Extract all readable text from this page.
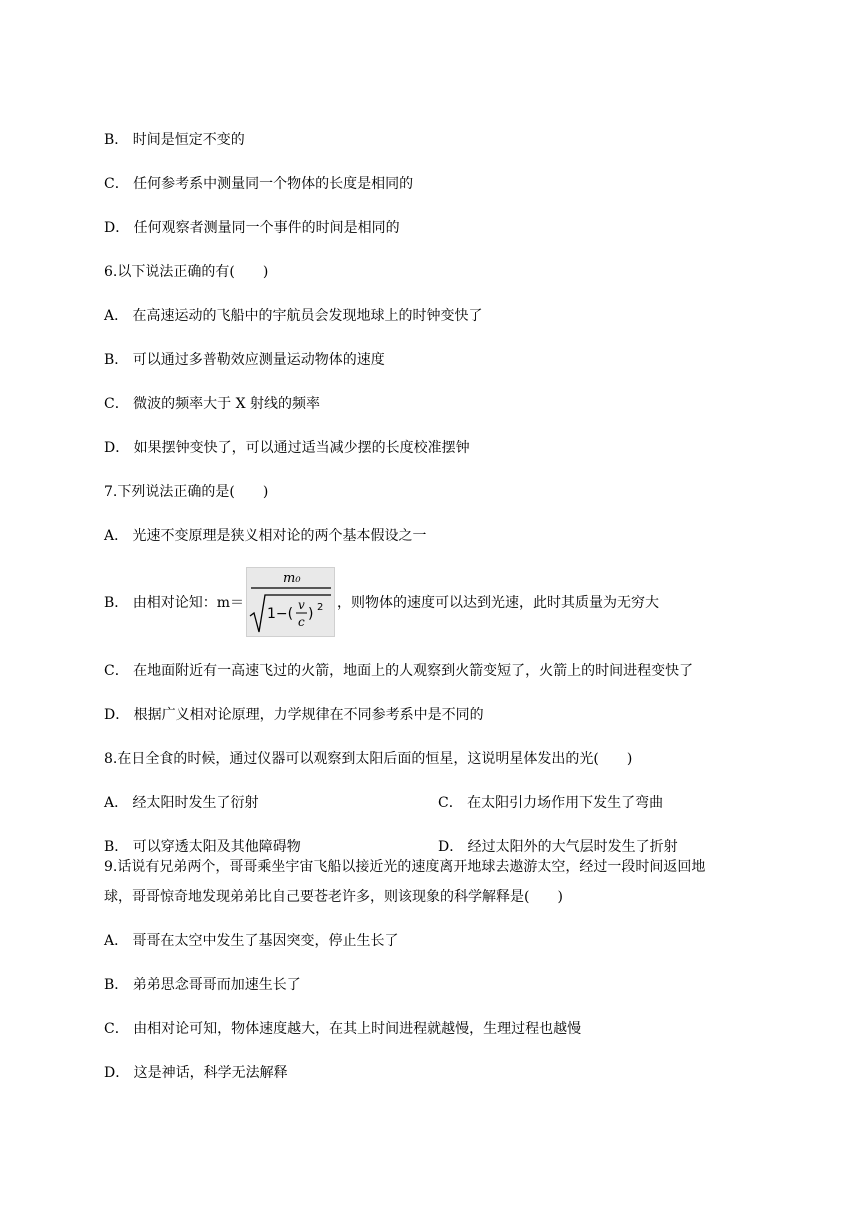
B． 时间是恒定不变的
C． 任何参考系中测量同一个物体的长度是相同的
D． 任何观察者测量同一个事件的时间是相同的
6.以下说法正确的有(　　)
A． 在高速运动的飞船中的宇航员会发现地球上的时钟变快了
B． 可以通过多普勒效应测量运动物体的速度
C． 微波的频率大于 X 射线的频率
D． 如果摆钟变快了，可以通过适当减少摆的长度校准摆钟
7.下列说法正确的是(　　)
A． 光速不变原理是狭义相对论的两个基本假设之一
B． 由相对论知：m＝
m₀
1−(
v
c ) 2 ，则物体的速度可以达到光速，此时其质量为无穷大
C． 在地面附近有一高速飞过的火箭，地面上的人观察到火箭变短了，火箭上的时间进程变快了
D． 根据广义相对论原理，力学规律在不同参考系中是不同的
8.在日全食的时候，通过仪器可以观察到太阳后面的恒星，这说明星体发出的光(　　)
A． 经太阳时发生了衍射	C． 在太阳引力场作用下发生了弯曲
B． 可以穿透太阳及其他障碍物	D． 经过太阳外的大气层时发生了折射
9.话说有兄弟两个，哥哥乘坐宇宙飞船以接近光的速度离开地球去遨游太空，经过一段时间返回地
球，哥哥惊奇地发现弟弟比自己要苍老许多，则该现象的科学解释是(　　)
A． 哥哥在太空中发生了基因突变，停止生长了
B． 弟弟思念哥哥而加速生长了
C． 由相对论可知，物体速度越大，在其上时间进程就越慢，生理过程也越慢
D． 这是神话，科学无法解释
